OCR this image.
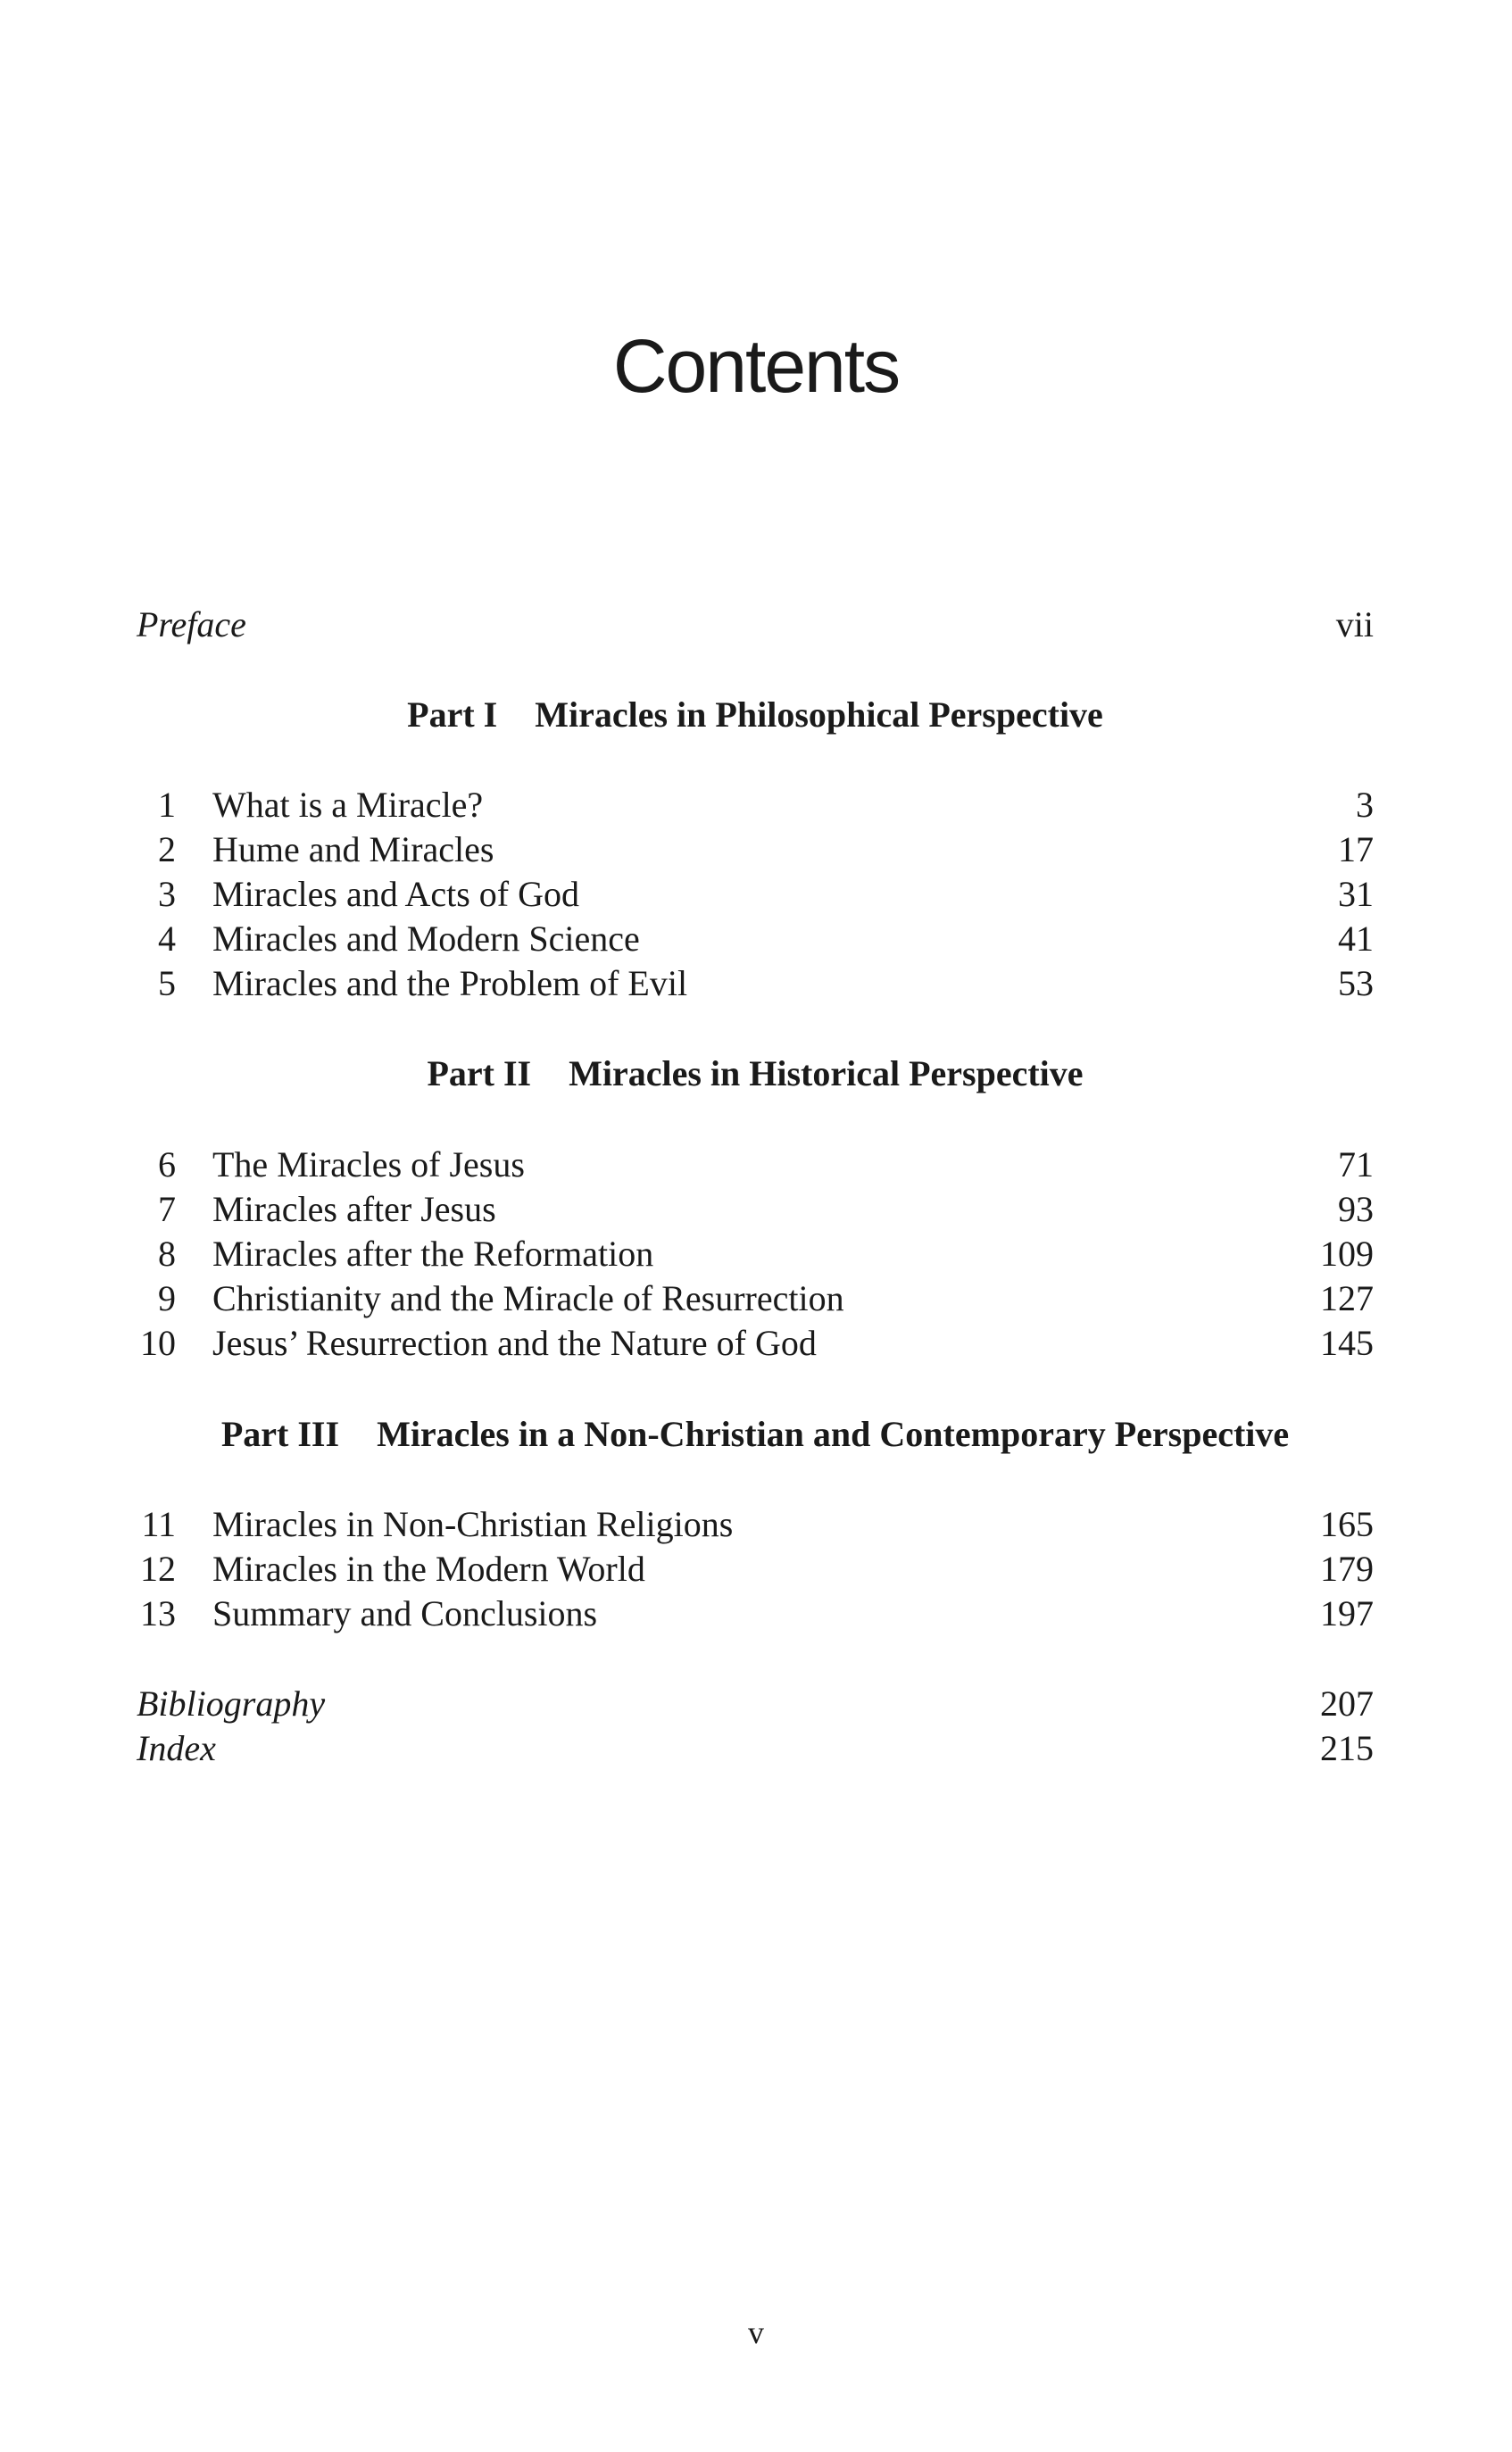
Contents
Preface	vii
Part I Miracles in Philosophical Perspective
1 What is a Miracle?	3
2 Hume and Miracles	17
3 Miracles and Acts of God	31
4 Miracles and Modern Science	41
5 Miracles and the Problem of Evil	53
Part II Miracles in Historical Perspective
6 The Miracles of Jesus	71
7 Miracles after Jesus	93
8 Miracles after the Reformation	109
9 Christianity and the Miracle of Resurrection	127
10 Jesus’ Resurrection and the Nature of God	145
Part III Miracles in a Non-Christian and Contemporary Perspective
11 Miracles in Non-Christian Religions	165
12 Miracles in the Modern World	179
13 Summary and Conclusions	197
Bibliography	207
Index	215
v
